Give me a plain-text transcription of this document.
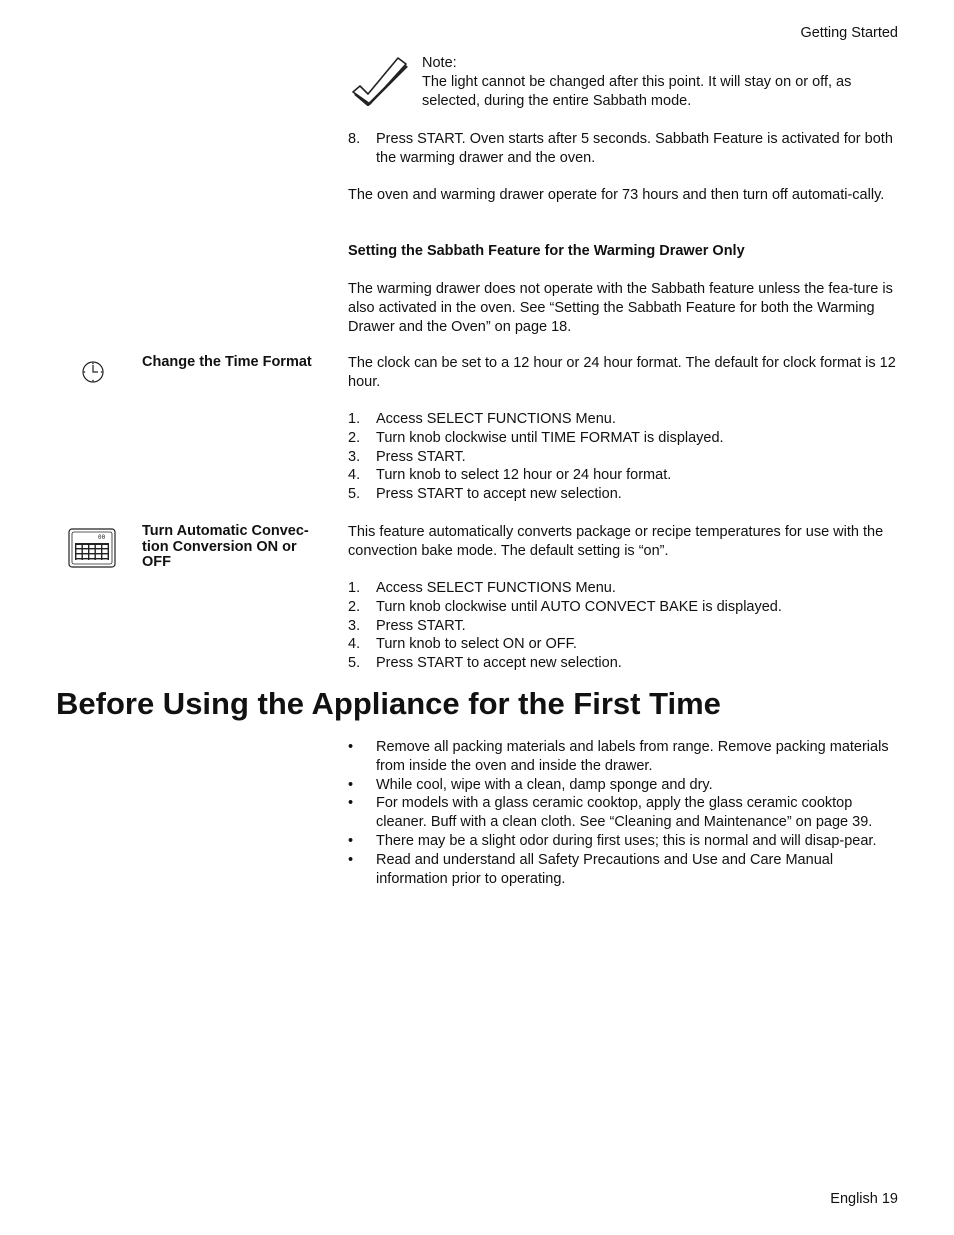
Getting Started

Note:

The light cannot be changed after this point. It will stay on or off, as selected, during the entire Sabbath mode.

8. Press START. Oven starts after 5 seconds. Sabbath Feature is activated for both the warming drawer and the oven.

The oven and warming drawer operate for 73 hours and then turn off automati-cally.

Setting the Sabbath Feature for the Warming Drawer Only

The warming drawer does not operate with the Sabbath feature unless the fea-ture is also activated in the oven. See “Setting the Sabbath Feature for both the Warming Drawer and the Oven” on page 18.

Change the Time Format	The clock can be set to a 12 hour or 24 hour format. The default for clock format is 12 hour.

1. Access SELECT FUNCTIONS Menu.
2. Turn knob clockwise until TIME FORMAT is displayed.
3. Press START.
4. Turn knob to select 12 hour or 24 hour format.
5. Press START to accept new selection.
00	Turn Automatic Convec-tion Conversion ON or OFF

This feature automatically converts package or recipe temperatures for use with the convection bake mode. The default setting is “on”.

1. Access SELECT FUNCTIONS Menu.
2. Turn knob clockwise until AUTO CONVECT BAKE is displayed.
3. Press START.
4. Turn knob to select ON or OFF.
5. Press START to accept new selection.
Before Using the Appliance for the First Time
• Remove all packing materials and labels from range. Remove packing materials from inside the oven and inside the drawer.
• While cool, wipe with a clean, damp sponge and dry.
• For models with a glass ceramic cooktop, apply the glass ceramic cooktop cleaner. Buff with a clean cloth. See “Cleaning and Maintenance” on page 39.
• There may be a slight odor during first uses; this is normal and will disap-pear.
• Read and understand all Safety Precautions and Use and Care Manual information prior to operating.
English 19
